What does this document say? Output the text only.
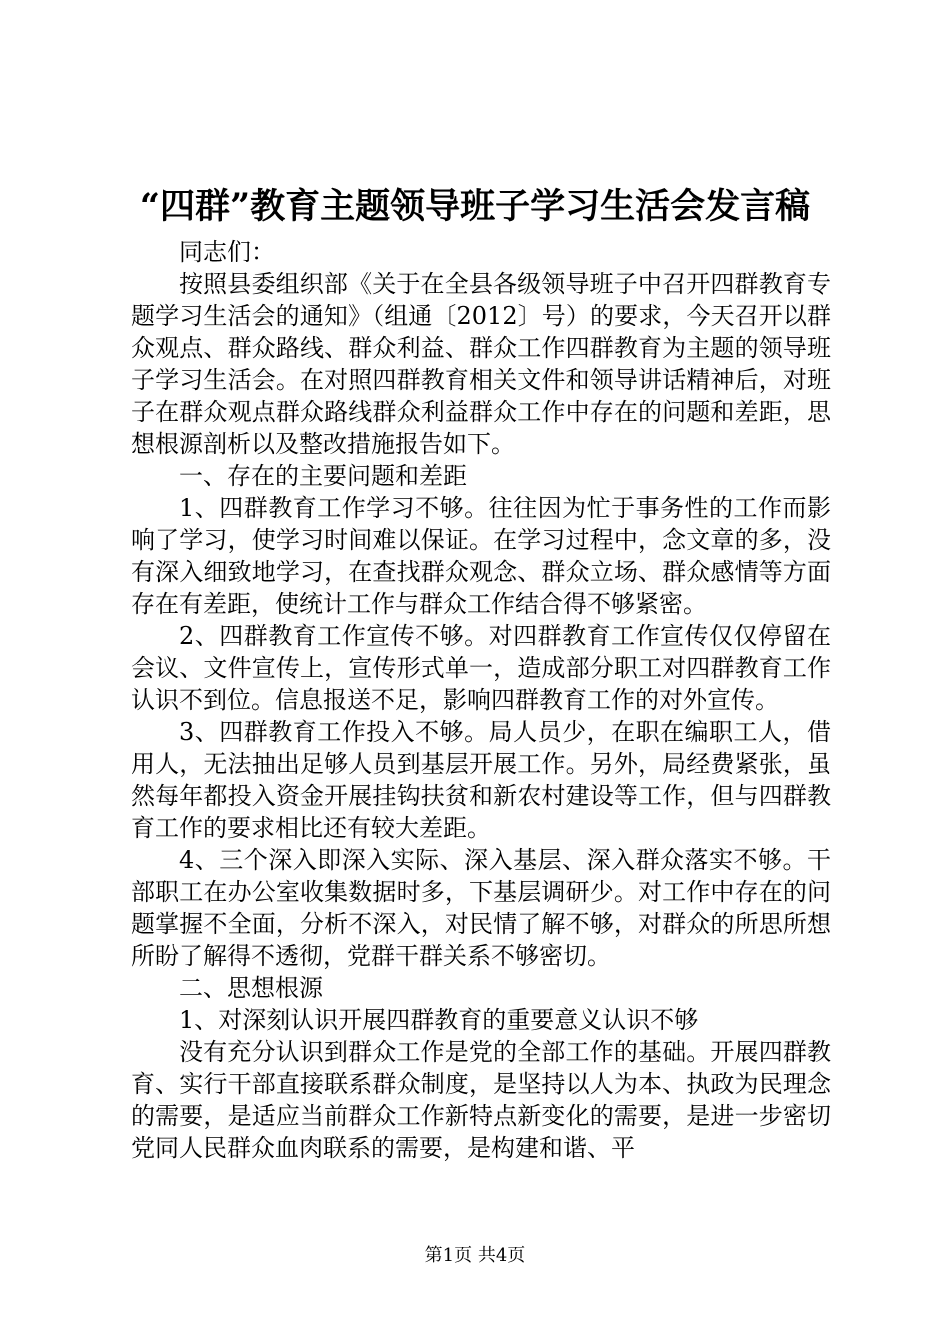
“四群”教育主题领导班子学习生活会发言稿

同志们：

按照县委组织部《关于在全县各级领导班子中召开四群教育专题学习生活会的通知》（组通〔2012〕号）的要求，今天召开以群众观点、群众路线、群众利益、群众工作四群教育为主题的领导班子学习生活会。在对照四群教育相关文件和领导讲话精神后，对班子在群众观点群众路线群众利益群众工作中存在的问题和差距，思想根源剖析以及整改措施报告如下。

一、存在的主要问题和差距

1、四群教育工作学习不够。往往因为忙于事务性的工作而影响了学习，使学习时间难以保证。在学习过程中，念文章的多，没有深入细致地学习，在查找群众观念、群众立场、群众感情等方面存在有差距，使统计工作与群众工作结合得不够紧密。

2、四群教育工作宣传不够。对四群教育工作宣传仅仅停留在会议、文件宣传上，宣传形式单一，造成部分职工对四群教育工作认识不到位。信息报送不足，影响四群教育工作的对外宣传。

3、四群教育工作投入不够。局人员少，在职在编职工人，借用人，无法抽出足够人员到基层开展工作。另外，局经费紧张，虽然每年都投入资金开展挂钩扶贫和新农村建设等工作，但与四群教育工作的要求相比还有较大差距。

4、三个深入即深入实际、深入基层、深入群众落实不够。干部职工在办公室收集数据时多，下基层调研少。对工作中存在的问题掌握不全面，分析不深入，对民情了解不够，对群众的所思所想所盼了解得不透彻，党群干群关系不够密切。

二、思想根源

1、对深刻认识开展四群教育的重要意义认识不够

没有充分认识到群众工作是党的全部工作的基础。开展四群教育、实行干部直接联系群众制度，是坚持以人为本、执政为民理念的需要，是适应当前群众工作新特点新变化的需要，是进一步密切党同人民群众血肉联系的需要，是构建和谐、平

第1页 共4页
